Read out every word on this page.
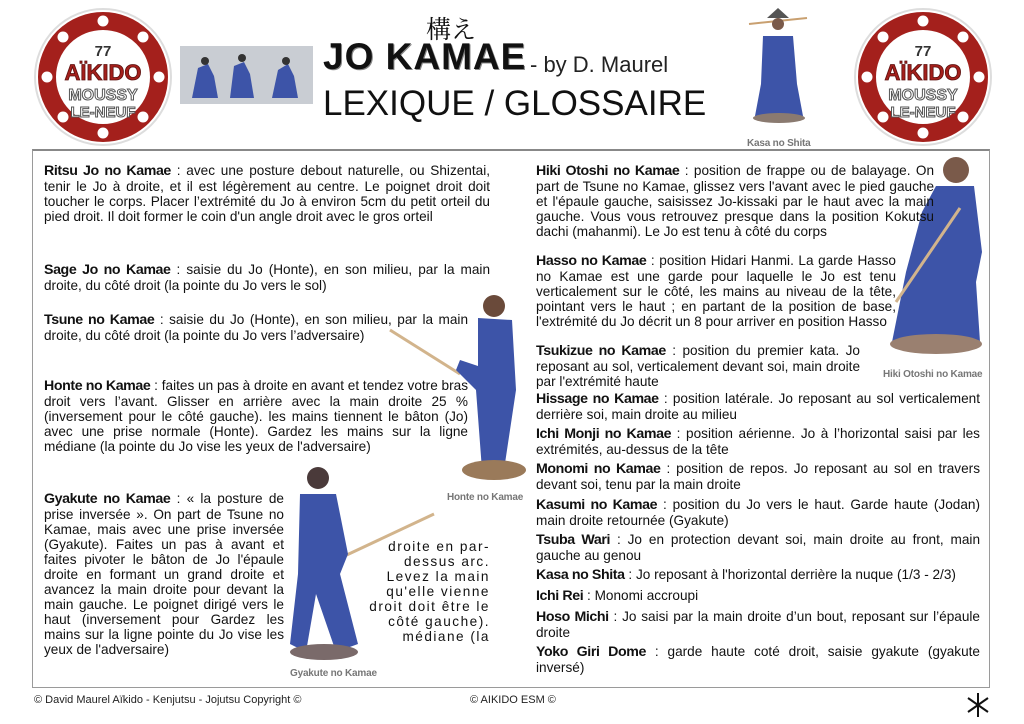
77
AÏKIDO
MOUSSY
LE-NEUF
77
AÏKIDO
MOUSSY
LE-NEUF
構え
JO KAMAE - by D. Maurel
LEXIQUE / GLOSSAIRE
Kasa no Shita
Ritsu Jo no Kamae : avec une posture debout naturelle, ou Shizentai, tenir le Jo à droite, et il est légèrement au centre. Le poignet droit doit toucher le corps. Placer l’extrémité du Jo à environ 5cm du petit orteil du pied droit. Il doit former le coin d'un angle droit avec le gros orteil
Sage Jo no Kamae : saisie du Jo (Honte), en son milieu, par la main droite, du côté droit (la pointe du Jo vers le sol)
Tsune no Kamae : saisie du Jo (Honte), en son milieu, par la main droite, du côté droit (la pointe du Jo vers l’adversaire)
Honte no Kamae : faites un pas à droite en avant et tendez votre bras droit vers l’avant. Glisser en arrière avec la main droite 25 % (inversement pour le côté gauche). les mains tiennent le bâton (Jo) avec une prise normale (Honte). Gardez les mains sur la ligne médiane (la pointe du Jo vise les yeux de l'adversaire)
Gyakute no Kamae : « la posture de prise inversée ». On part de Tsune no Kamae, mais avec une prise inversée (Gyakute). Faites un pas à avant et faites pivoter le bâton de Jo l'épaule droite en formant un grand droite et avancez la main droite pour devant la main gauche. Le poignet dirigé vers le haut (inversement pour Gardez les mains sur la ligne pointe du Jo vise les yeux de l'adversaire)
droite en par-dessus arc. Levez la main qu'elle vienne droit doit être le côté gauche). médiane (la
Honte no Kamae
Gyakute no Kamae
Hiki Otoshi no Kamae
Hiki Otoshi no Kamae : position de frappe ou de balayage. On part de Tsune no Kamae, glissez vers l'avant avec le pied gauche et l'épaule gauche, saisissez Jo-kissaki par le haut avec la main gauche. Vous vous retrouvez presque dans la position Kokutsu dachi (mahanmi). Le Jo est tenu à côté du corps
Hasso no Kamae : position Hidari Hanmi. La garde Hasso no Kamae est une garde pour laquelle le Jo est tenu verticalement sur le côté, les mains au niveau de la tête, pointant vers le haut ; en partant de la position de base, l'extrémité du Jo décrit un 8 pour arriver en position Hasso
Tsukizue no Kamae : position du premier kata. Jo reposant au sol, verticalement devant soi, main droite par l'extrémité haute
Hissage no Kamae : position latérale. Jo reposant au sol verticalement derrière soi, main droite au milieu
Ichi Monji no Kamae : position aérienne. Jo à l’horizontal saisi par les extrémités, au-dessus de la tête
Monomi no Kamae : position de repos. Jo reposant au sol en travers devant soi, tenu par la main droite
Kasumi no Kamae : position du Jo vers le haut. Garde haute (Jodan) main droite retournée (Gyakute)
Tsuba Wari : Jo en protection devant soi, main droite au front, main gauche au genou
Kasa no Shita : Jo reposant à l'horizontal derrière la nuque (1/3 - 2/3)
Ichi Rei : Monomi accroupi
Hoso Michi : Jo saisi par la main droite d’un bout, reposant sur l’épaule droite
Yoko Giri Dome : garde haute coté droit, saisie gyakute (gyakute inversé)
© David Maurel Aïkido - Kenjutsu - Jojutsu Copyright ©	© AIKIDO ESM ©
